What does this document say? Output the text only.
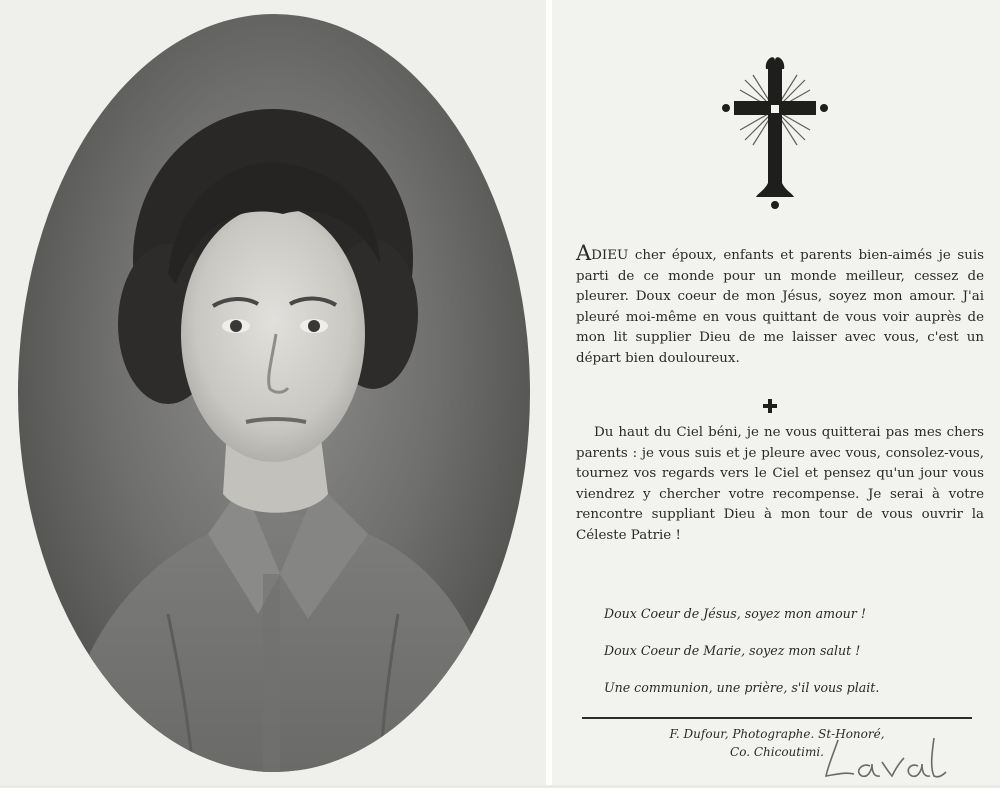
ADIEU cher époux, enfants et parents bien-aimés je suis parti de ce monde pour un monde meilleur, cessez de pleurer. Doux coeur de mon Jésus, soyez mon amour. J'ai pleuré moi-même en vous quittant de vous voir auprès de mon lit supplier Dieu de me laisser avec vous, c'est un départ bien douloureux.

Du haut du Ciel béni, je ne vous quitterai pas mes chers parents : je vous suis et je pleure avec vous, consolez-vous, tournez vos regards vers le Ciel et pensez qu'un jour vous viendrez y chercher votre recompense. Je serai à votre rencontre suppliant Dieu à mon tour de vous ouvrir la Céleste Patrie !

Doux Coeur de Jésus, soyez mon amour !

Doux Coeur de Marie, soyez mon salut !

Une communion, une prière, s'il vous plait.

F. Dufour, Photographe. St-Honoré,

Co. Chicoutimi.
